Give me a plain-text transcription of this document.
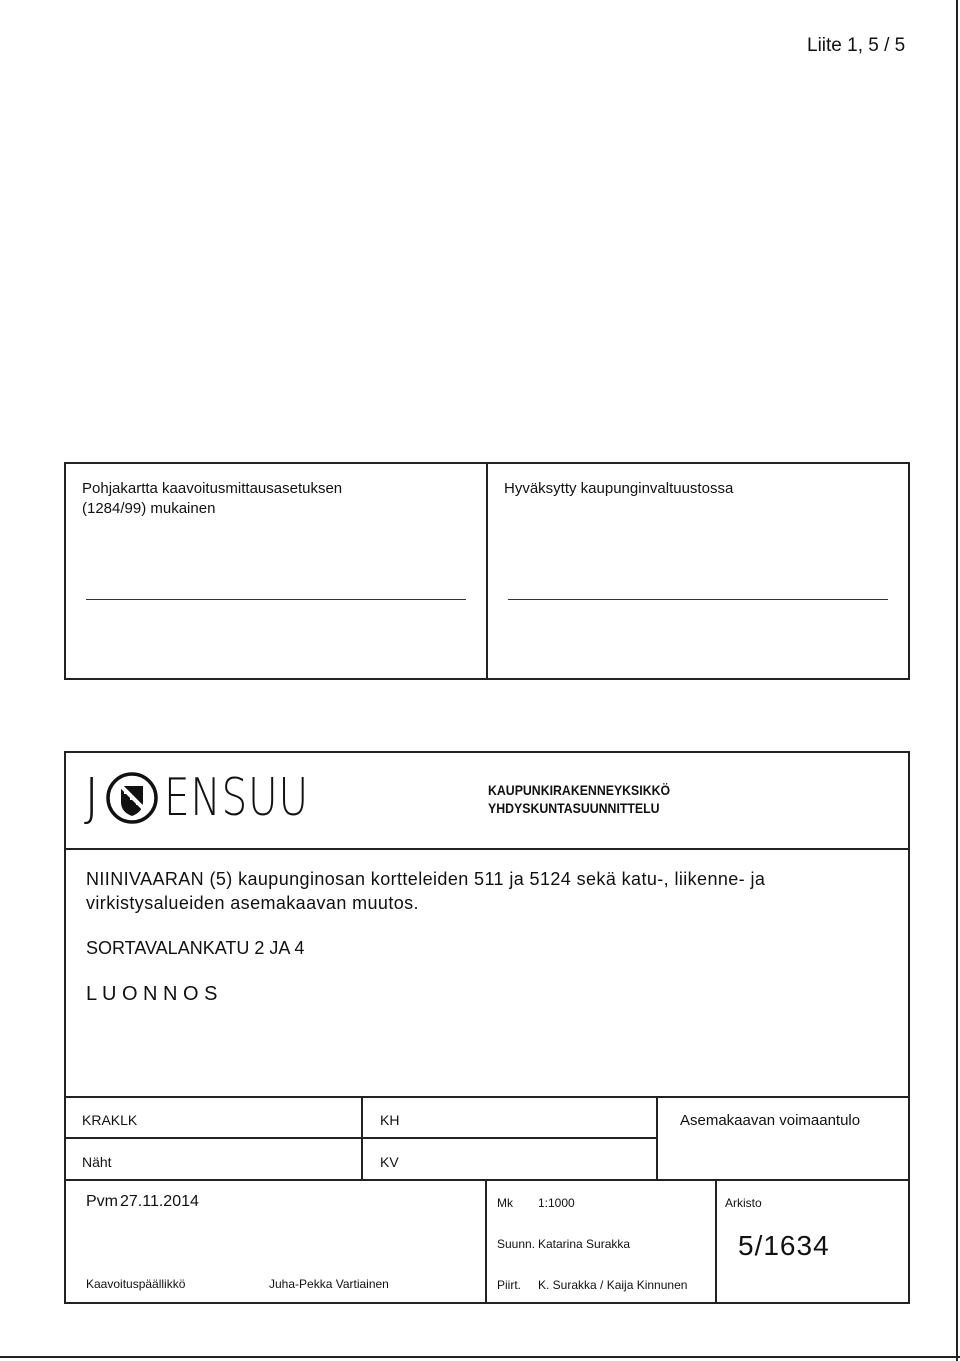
Liite 1, 5 / 5
Pohjakartta kaavoitusmittausasetuksen
(1284/99) mukainen
Hyväksytty kaupunginvaltuustossa
J ENSUU	KAUPUNKIRAKENNEYKSIKKÖ
YHDYSKUNTASUUNNITTELU
NIINIVAARAN (5) kaupunginosan kortteleiden 511 ja 5124 sekä katu-, liikenne- ja
virkistysalueiden asemakaavan muutos.
SORTAVALANKATU 2 JA 4
L U O N N O S
KRAKLK
Näht
KH
KV
Asemakaavan voimaantulo
Pvm 27.11.2014
Kaavoituspäällikkö	Juha-Pekka Vartiainen
Mk 1:1000
Suunn. Katarina Surakka
Piirt. K. Surakka / Kaija Kinnunen
Arkisto
5/1634
